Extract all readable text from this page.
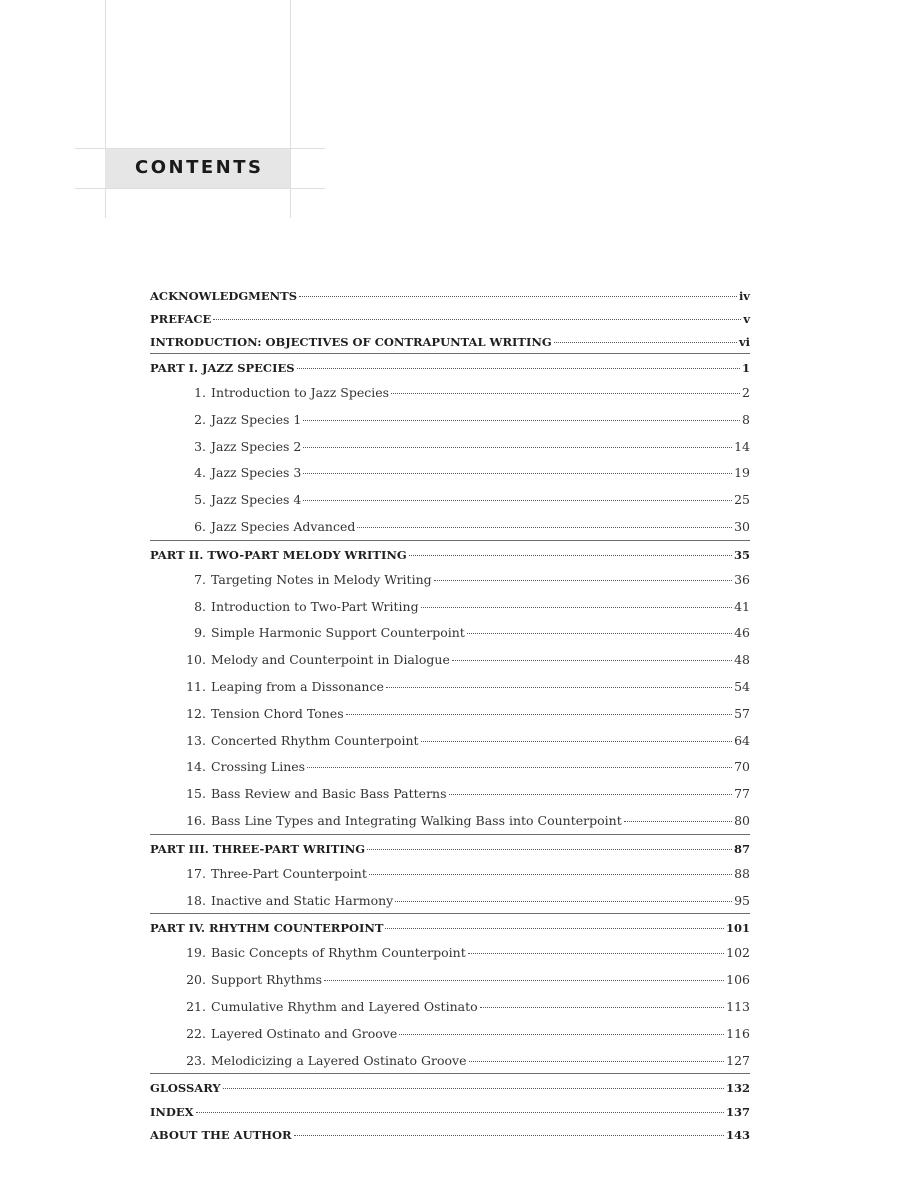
CONTENTS
ACKNOWLEDGMENTS	iv
PREFACE	v
INTRODUCTION: OBJECTIVES OF CONTRAPUNTAL WRITING	vi
PART I. JAZZ SPECIES	1
1. Introduction to Jazz Species	2
2. Jazz Species 1	8
3. Jazz Species 2	14
4. Jazz Species 3	19
5. Jazz Species 4	25
6. Jazz Species Advanced	30
PART II. TWO-PART MELODY WRITING	35
7. Targeting Notes in Melody Writing	36
8. Introduction to Two-Part Writing	41
9. Simple Harmonic Support Counterpoint	46
10. Melody and Counterpoint in Dialogue	48
11. Leaping from a Dissonance	54
12. Tension Chord Tones	57
13. Concerted Rhythm Counterpoint	64
14. Crossing Lines	70
15. Bass Review and Basic Bass Patterns	77
16. Bass Line Types and Integrating Walking Bass into Counterpoint	80
PART III. THREE-PART WRITING	87
17. Three-Part Counterpoint	88
18. Inactive and Static Harmony	95
PART IV. RHYTHM COUNTERPOINT	101
19. Basic Concepts of Rhythm Counterpoint	102
20. Support Rhythms	106
21. Cumulative Rhythm and Layered Ostinato	113
22. Layered Ostinato and Groove	116
23. Melodicizing a Layered Ostinato Groove	127
GLOSSARY	132
INDEX	137
ABOUT THE AUTHOR	143
